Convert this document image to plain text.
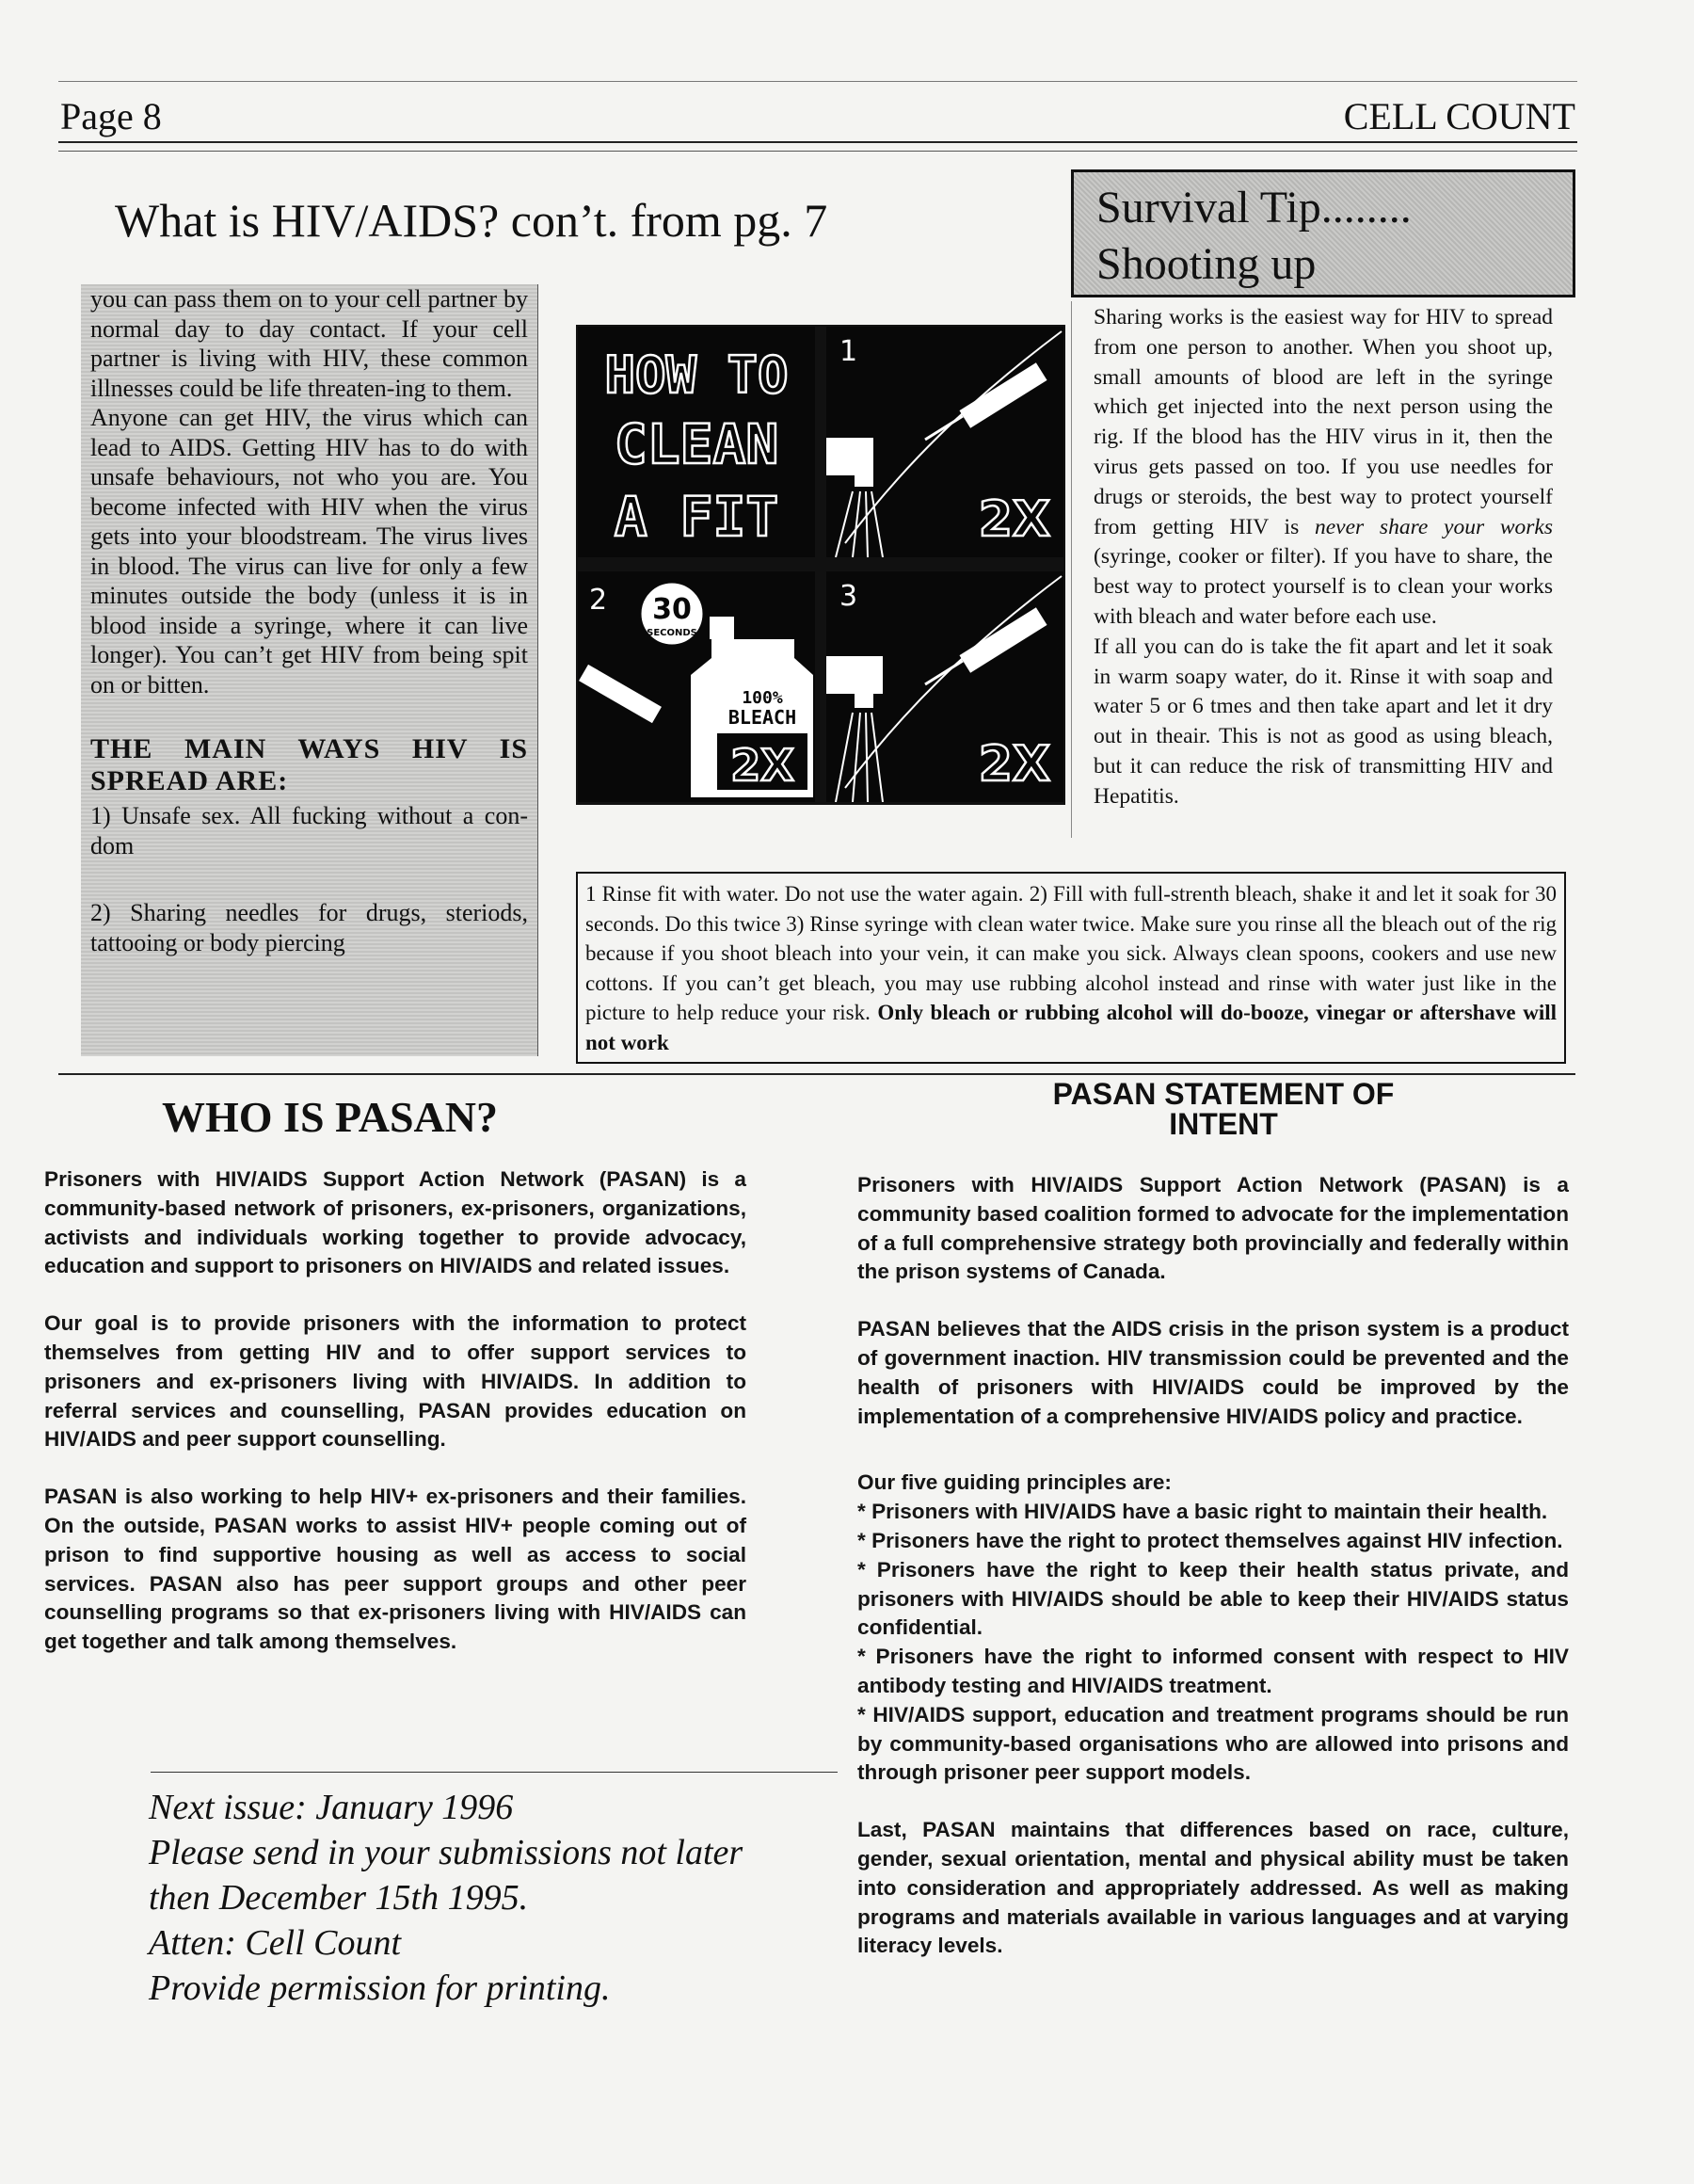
Page 8	CELL COUNT
What is HIV/AIDS? con’t. from pg. 7

you can pass them on to your cell partner by normal day to day contact. If your cell partner is living with HIV, these common illnesses could be life threaten-ing to them.

Anyone can get HIV, the virus which can lead to AIDS. Getting HIV has to do with unsafe behaviours, not who you are. You become infected with HIV when the virus gets into your bloodstream. The virus lives in blood. The virus can live for only a few minutes outside the body (unless it is in blood inside a syringe, where it can live longer). You can’t get HIV from being spit on or bitten.

THE MAIN WAYS HIV IS SPREAD ARE:

1) Unsafe sex. All fucking without a con-dom

2) Sharing needles for drugs, steriods, tattooing or body piercing

HOW TO
CLEAN
A FIT
1
2X
2 30
SECONDS
100%
BLEACH
2X
3
2X
Survival Tip........
Shooting up

Sharing works is the easiest way for HIV to spread from one person to another. When you shoot up, small amounts of blood are left in the syringe which get injected into the next person using the rig. If the blood has the HIV virus in it, then the virus gets passed on too. If you use needles for drugs or steroids, the best way to protect yourself from getting HIV is never share your works (syringe, cooker or filter). If you have to share, the best way to protect yourself is to clean your works with bleach and water before each use.

If all you can do is take the fit apart and let it soak in warm soapy water, do it. Rinse it with soap and water 5 or 6 tmes and then take apart and let it dry out in theair. This is not as good as using bleach, but it can reduce the risk of transmitting HIV and Hepatitis.

1 Rinse fit with water. Do not use the water again. 2) Fill with full-strenth bleach, shake it and let it soak for 30 seconds. Do this twice 3) Rinse syringe with clean water twice. Make sure you rinse all the bleach out of the rig because if you shoot bleach into your vein, it can make you sick. Always clean spoons, cookers and use new cottons. If you can’t get bleach, you may use rubbing alcohol instead and rinse with water just like in the picture to help reduce your risk. Only bleach or rubbing alcohol will do-booze, vinegar or aftershave will not work
WHO IS PASAN?

Prisoners with HIV/AIDS Support Action Network (PASAN) is a community-based network of prisoners, ex-prisoners, organizations, activists and individuals working together to provide advocacy, education and support to prisoners on HIV/AIDS and related issues.

Our goal is to provide prisoners with the information to protect themselves from getting HIV and to offer support services to prisoners and ex-prisoners living with HIV/AIDS. In addition to referral services and counselling, PASAN provides education on HIV/AIDS and peer support counselling.

PASAN is also working to help HIV+ ex-prisoners and their families. On the outside, PASAN works to assist HIV+ people coming out of prison to find supportive housing as well as access to social services. PASAN also has peer support groups and other peer counselling programs so that ex-prisoners living with HIV/AIDS can get together and talk among themselves.

Next issue: January 1996
Please send in your submissions not later
then December 15th 1995.
Atten: Cell Count
Provide permission for printing.
PASAN STATEMENT OF
INTENT

Prisoners with HIV/AIDS Support Action Network (PASAN) is a community based coalition formed to advocate for the implementation of a full comprehensive strategy both provincially and federally within the prison systems of Canada.

PASAN believes that the AIDS crisis in the prison system is a product of government inaction. HIV transmission could be prevented and the health of prisoners with HIV/AIDS could be improved by the implementation of a comprehensive HIV/AIDS policy and practice.

Our five guiding principles are:

* Prisoners with HIV/AIDS have a basic right to maintain their health.

* Prisoners have the right to protect themselves against HIV infection.

* Prisoners have the right to keep their health status private, and prisoners with HIV/AIDS should be able to keep their HIV/AIDS status confidential.

* Prisoners have the right to informed consent with respect to HIV antibody testing and HIV/AIDS treatment.

* HIV/AIDS support, education and treatment programs should be run by community-based organisations who are allowed into prisons and through prisoner peer support models.

Last, PASAN maintains that differences based on race, culture, gender, sexual orientation, mental and physical ability must be taken into consideration and appropriately addressed. As well as making programs and materials available in various languages and at varying literacy levels.
